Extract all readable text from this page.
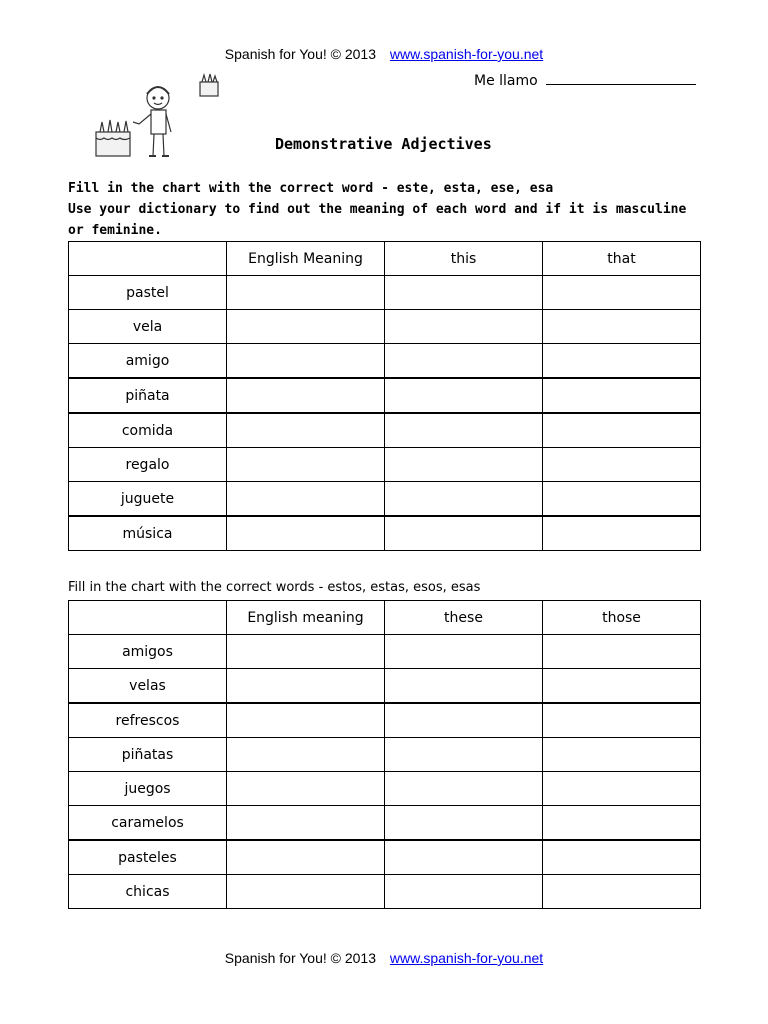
Spanish for You! © 2013 www.spanish-for-you.net
Me llamo
Demonstrative Adjectives
Fill in the chart with the correct word - este, esta, ese, esa
Use your dictionary to find out the meaning of each word and if it is masculine or feminine.
	English Meaning	this	that
pastel			
vela			
amigo			
piñata			
comida			
regalo			
juguete			
música			
Fill in the chart with the correct words - estos, estas, esos, esas
	English meaning	these	those
amigos			
velas			
refrescos			
piñatas			
juegos			
caramelos			
pasteles			
chicas			
Spanish for You! © 2013 www.spanish-for-you.net
